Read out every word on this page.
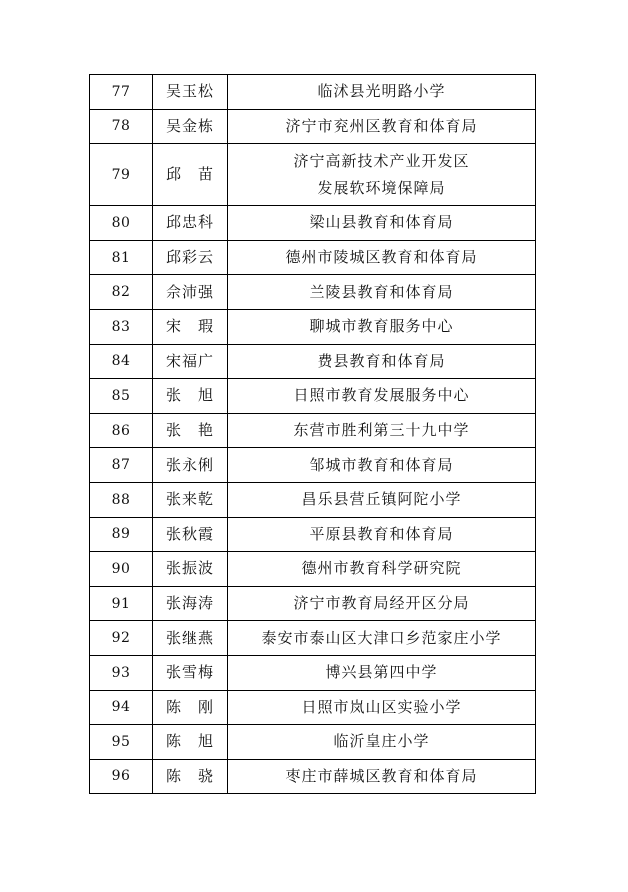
77	吴玉松	临沭县光明路小学

78	吴金栋	济宁市兖州区教育和体育局

79	邱　苗	济宁高新技术产业开发区
发展软环境保障局

80	邱忠科	梁山县教育和体育局

81	邱彩云	德州市陵城区教育和体育局

82	佘沛强	兰陵县教育和体育局

83	宋　瑕	聊城市教育服务中心

84	宋福广	费县教育和体育局

85	张　旭	日照市教育发展服务中心

86	张　艳	东营市胜利第三十九中学

87	张永俐	邹城市教育和体育局

88	张来乾	昌乐县营丘镇阿陀小学

89	张秋霞	平原县教育和体育局

90	张振波	德州市教育科学研究院

91	张海涛	济宁市教育局经开区分局

92	张继燕	泰安市泰山区大津口乡范家庄小学

93	张雪梅	博兴县第四中学

94	陈　刚	日照市岚山区实验小学

95	陈　旭	临沂皇庄小学

96	陈　骁	枣庄市薛城区教育和体育局
